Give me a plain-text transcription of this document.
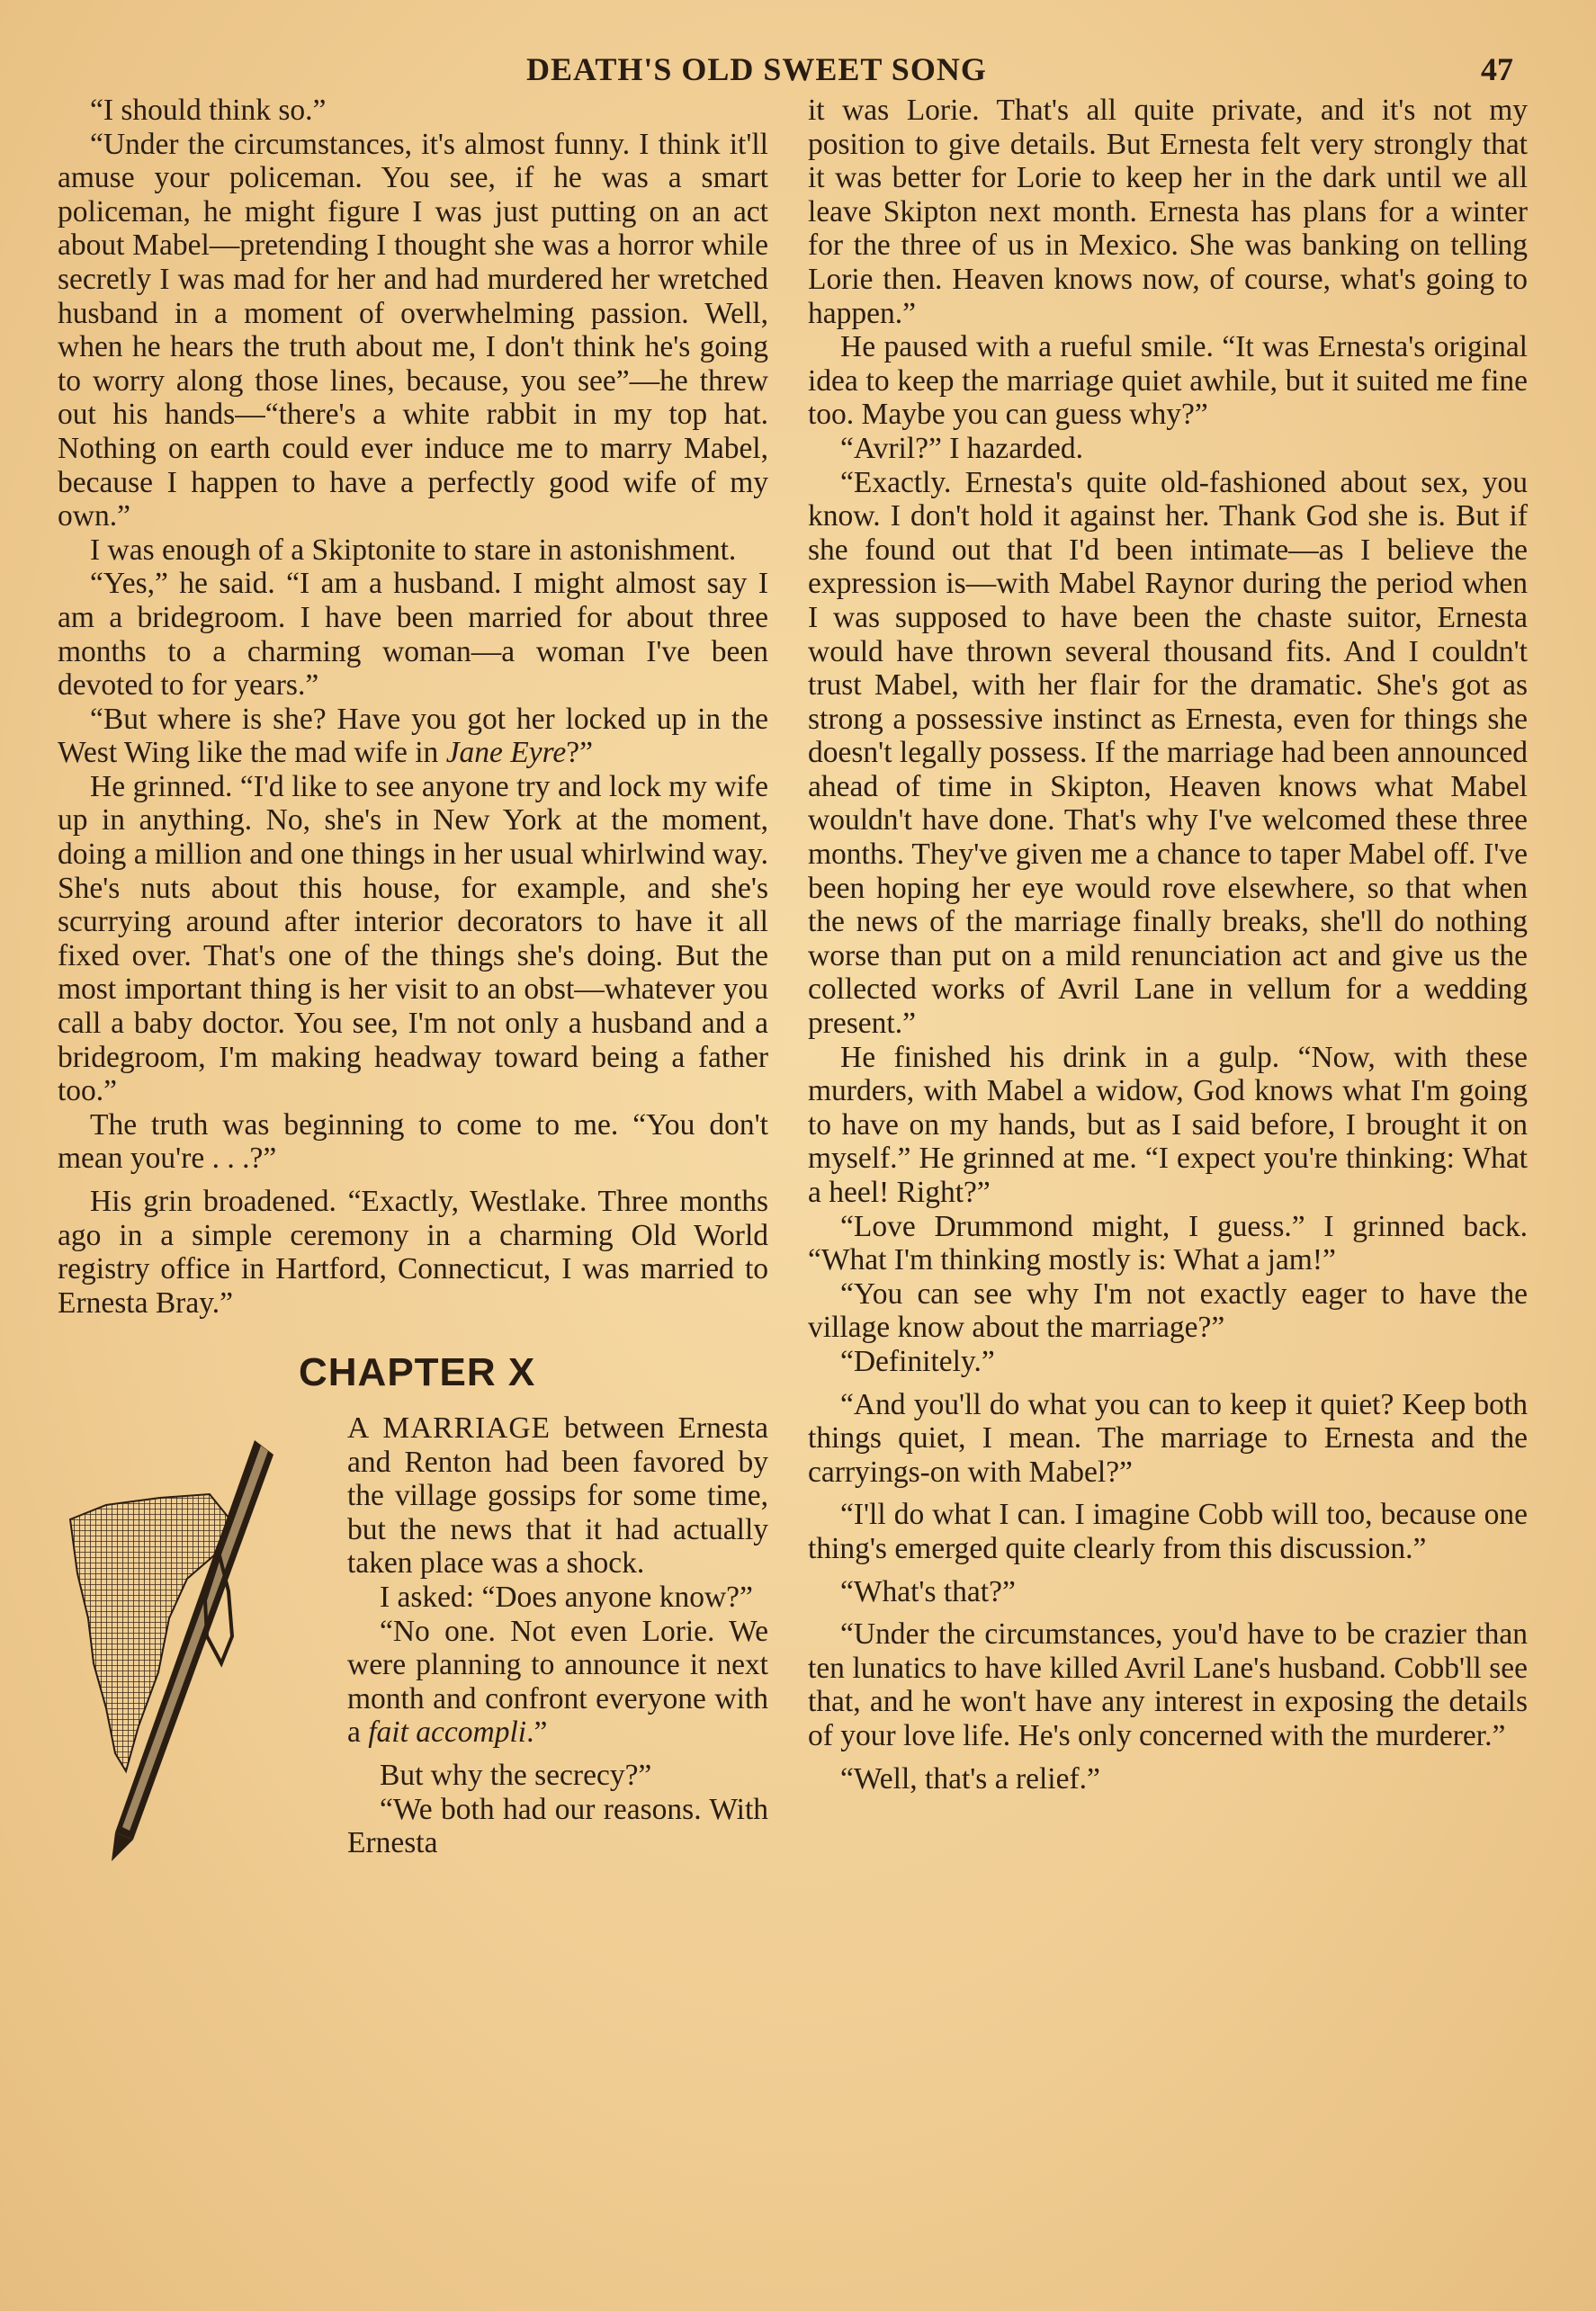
DEATH'S OLD SWEET SONG	47

“I should think so.”

“Under the circumstances, it's almost funny. I think it'll amuse your policeman. You see, if he was a smart policeman, he might figure I was just putting on an act about Mabel—pretending I thought she was a horror while secretly I was mad for her and had murdered her wretched husband in a moment of overwhelming passion. Well, when he hears the truth about me, I don't think he's going to worry along those lines, because, you see”—he threw out his hands—“there's a white rabbit in my top hat. Nothing on earth could ever induce me to marry Mabel, because I happen to have a perfectly good wife of my own.”

I was enough of a Skiptonite to stare in astonishment.

“Yes,” he said. “I am a husband. I might almost say I am a bridegroom. I have been married for about three months to a charming woman—a woman I've been devoted to for years.”

“But where is she? Have you got her locked up in the West Wing like the mad wife in Jane Eyre?”

He grinned. “I'd like to see anyone try and lock my wife up in anything. No, she's in New York at the moment, doing a million and one things in her usual whirlwind way. She's nuts about this house, for example, and she's scurrying around after interior decorators to have it all fixed over. That's one of the things she's doing. But the most important thing is her visit to an obst—whatever you call a baby doctor. You see, I'm not only a husband and a bridegroom, I'm making headway toward being a father too.”

The truth was beginning to come to me. “You don't mean you're . . .?”

His grin broadened. “Exactly, Westlake. Three months ago in a simple ceremony in a charming Old World registry office in Hartford, Connecticut, I was married to Ernesta Bray.”

CHAPTER X

A MARRIAGE between Ernesta and Renton had been favored by the village gossips for some time, but the news that it had actually taken place was a shock.

I asked: “Does anyone know?”

“No one. Not even Lorie. We were planning to announce it next month and confront everyone with a fait accompli.”

But why the secrecy?”

“We both had our reasons. With Ernesta

it was Lorie. That's all quite private, and it's not my position to give details. But Ernesta felt very strongly that it was better for Lorie to keep her in the dark until we all leave Skipton next month. Ernesta has plans for a winter for the three of us in Mexico. She was banking on telling Lorie then. Heaven knows now, of course, what's going to happen.”

He paused with a rueful smile. “It was Ernesta's original idea to keep the marriage quiet awhile, but it suited me fine too. Maybe you can guess why?”

“Avril?” I hazarded.

“Exactly. Ernesta's quite old-fashioned about sex, you know. I don't hold it against her. Thank God she is. But if she found out that I'd been intimate—as I believe the expression is—with Mabel Raynor during the period when I was supposed to have been the chaste suitor, Ernesta would have thrown several thousand fits. And I couldn't trust Mabel, with her flair for the dramatic. She's got as strong a possessive instinct as Ernesta, even for things she doesn't legally possess. If the marriage had been announced ahead of time in Skipton, Heaven knows what Mabel wouldn't have done. That's why I've welcomed these three months. They've given me a chance to taper Mabel off. I've been hoping her eye would rove elsewhere, so that when the news of the marriage finally breaks, she'll do nothing worse than put on a mild renunciation act and give us the collected works of Avril Lane in vellum for a wedding present.”

He finished his drink in a gulp. “Now, with these murders, with Mabel a widow, God knows what I'm going to have on my hands, but as I said before, I brought it on myself.” He grinned at me. “I expect you're thinking: What a heel! Right?”

“Love Drummond might, I guess.” I grinned back. “What I'm thinking mostly is: What a jam!”

“You can see why I'm not exactly eager to have the village know about the marriage?”

“Definitely.”

“And you'll do what you can to keep it quiet? Keep both things quiet, I mean. The marriage to Ernesta and the carryings-on with Mabel?”

“I'll do what I can. I imagine Cobb will too, because one thing's emerged quite clearly from this discussion.”

“What's that?”

“Under the circumstances, you'd have to be crazier than ten lunatics to have killed Avril Lane's husband. Cobb'll see that, and he won't have any interest in exposing the details of your love life. He's only concerned with the murderer.”

“Well, that's a relief.”
